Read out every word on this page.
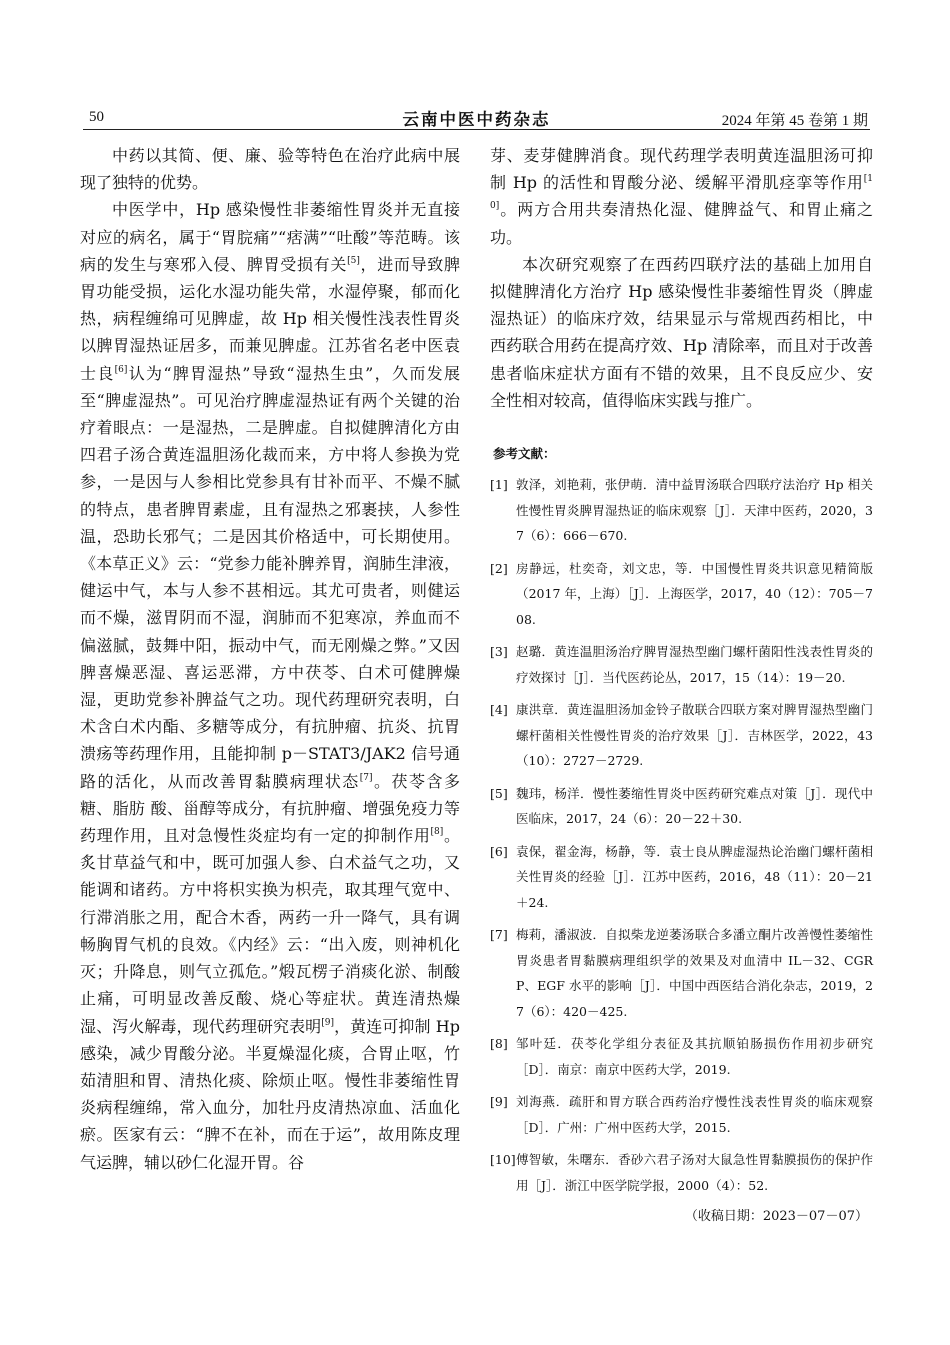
50	云南中医中药杂志	2024 年第 45 卷第 1 期

中药以其简、便、廉、验等特色在治疗此病中展现了独特的优势。

中医学中，Hp 感染慢性非萎缩性胃炎并无直接对应的病名，属于“胃脘痛”“痞满”“吐酸”等范畴。该病的发生与寒邪入侵、脾胃受损有关[5]，进而导致脾胃功能受损，运化水湿功能失常，水湿停聚，郁而化热，病程缠绵可见脾虚，故 Hp 相关慢性浅表性胃炎以脾胃湿热证居多，而兼见脾虚。江苏省名老中医袁士良[6]认为“脾胃湿热”导致“湿热生虫”，久而发展至“脾虚湿热”。可见治疗脾虚湿热证有两个关键的治疗着眼点：一是湿热，二是脾虚。自拟健脾清化方由四君子汤合黄连温胆汤化裁而来，方中将人参换为党参，一是因与人参相比党参具有甘补而平、不燥不腻的特点，患者脾胃素虚，且有湿热之邪裹挟，人参性温，恐助长邪气；二是因其价格适中，可长期使用。《本草正义》云：“党参力能补脾养胃，润肺生津液，健运中气，本与人参不甚相远。其尤可贵者，则健运而不燥，滋胃阴而不湿，润肺而不犯寒凉，养血而不偏滋腻，鼓舞中阳，振动中气，而无刚燥之弊。”又因脾喜燥恶湿、喜运恶滞，方中茯苓、白术可健脾燥湿，更助党参补脾益气之功。现代药理研究表明，白术含白术内酯、多糖等成分，有抗肿瘤、抗炎、抗胃溃疡等药理作用，且能抑制 p－STAT3/JAK2 信号通路的活化，从而改善胃黏膜病理状态[7]。茯苓含多糖、脂肪 酸、甾醇等成分，有抗肿瘤、增强免疫力等药理作用，且对急慢性炎症均有一定的抑制作用[8]。炙甘草益气和中，既可加强人参、白术益气之功，又能调和诸药。方中将枳实换为枳壳，取其理气宽中、行滞消胀之用，配合木香，两药一升一降气，具有调畅胸胃气机的良效。《内经》云：“出入废，则神机化灭；升降息，则气立孤危。”煅瓦楞子消痰化淤、制酸止痛，可明显改善反酸、烧心等症状。黄连清热燥湿、泻火解毒，现代药理研究表明[9]，黄连可抑制 Hp 感染，减少胃酸分泌。半夏燥湿化痰，合胃止呕，竹茹清胆和胃、清热化痰、除烦止呕。慢性非萎缩性胃炎病程缠绵，常入血分，加牡丹皮清热凉血、活血化瘀。医家有云：“脾不在补，而在于运”，故用陈皮理气运脾，辅以砂仁化湿开胃。谷

芽、麦芽健脾消食。现代药理学表明黄连温胆汤可抑制 Hp 的活性和胃酸分泌、缓解平滑肌痉挛等作用[10]。两方合用共奏清热化湿、健脾益气、和胃止痛之功。

本次研究观察了在西药四联疗法的基础上加用自拟健脾清化方治疗 Hp 感染慢性非萎缩性胃炎（脾虚湿热证）的临床疗效，结果显示与常规西药相比，中西药联合用药在提高疗效、Hp 清除率，而且对于改善患者临床症状方面有不错的效果，且不良反应少、安全性相对较高，值得临床实践与推广。

参考文献：
[1] 敦泽，刘艳莉，张伊萌．清中益胃汤联合四联疗法治疗 Hp 相关性慢性胃炎脾胃湿热证的临床观察［J］．天津中医药，2020，37（6）：666－670.
[2] 房静远，杜奕奇，刘文忠，等．中国慢性胃炎共识意见精简版（2017 年，上海）［J］．上海医学，2017，40（12）：705－708.
[3] 赵璐．黄连温胆汤治疗脾胃湿热型幽门螺杆菌阳性浅表性胃炎的疗效探讨［J］．当代医药论丛，2017，15（14）：19－20.
[4] 康洪章．黄连温胆汤加金铃子散联合四联方案对脾胃湿热型幽门螺杆菌相关性慢性胃炎的治疗效果［J］．吉林医学，2022，43（10）：2727－2729.
[5] 魏玮，杨洋．慢性萎缩性胃炎中医药研究难点对策［J］．现代中医临床，2017，24（6）：20－22＋30.
[6] 袁保，翟金海，杨静，等．袁士良从脾虚湿热论治幽门螺杆菌相关性胃炎的经验［J］．江苏中医药，2016，48（11）：20－21＋24.
[7] 梅莉，潘淑波．自拟柴龙逆萎汤联合多潘立酮片改善慢性萎缩性胃炎患者胃黏膜病理组织学的效果及对血清中 IL－32、CGRP、EGF 水平的影响［J］．中国中西医结合消化杂志，2019，27（6）：420－425.
[8] 邹叶廷．茯苓化学组分表征及其抗顺铂肠损伤作用初步研究［D］．南京：南京中医药大学，2019.
[9] 刘海燕．疏肝和胃方联合西药治疗慢性浅表性胃炎的临床观察［D］．广州：广州中医药大学，2015.
[10] 傅智敏，朱曙东．香砂六君子汤对大鼠急性胃黏膜损伤的保护作用［J］．浙江中医学院学报，2000（4）：52.
（收稿日期：2023－07－07）
